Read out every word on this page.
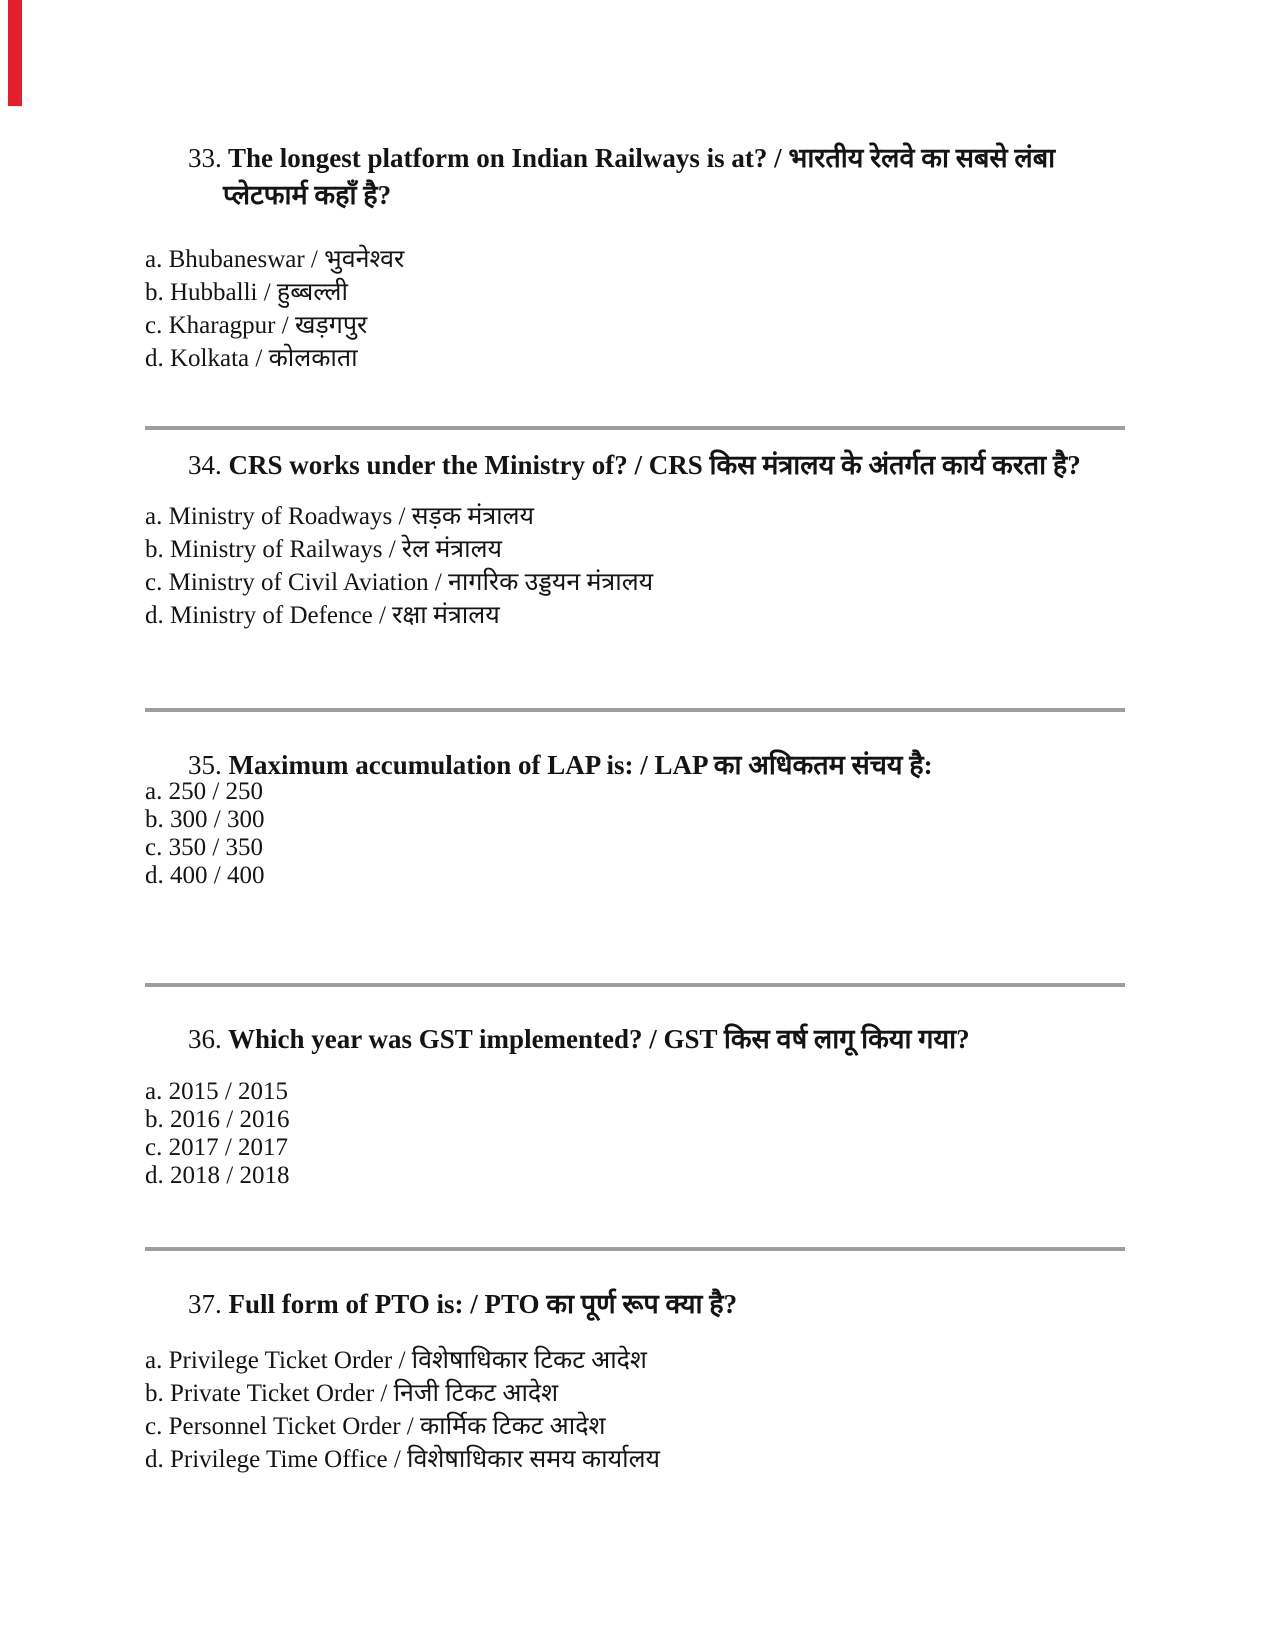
33. The longest platform on Indian Railways is at? / भारतीय रेलवे का सबसे लंबा प्लेटफार्म कहाँ है?
a. Bhubaneswar / भुवनेश्वर
b. Hubballi / हुब्बल्ली
c. Kharagpur / खड़गपुर
d. Kolkata / कोलकाता
34. CRS works under the Ministry of? / CRS किस मंत्रालय के अंतर्गत कार्य करता है?
a. Ministry of Roadways / सड़क मंत्रालय
b. Ministry of Railways / रेल मंत्रालय
c. Ministry of Civil Aviation / नागरिक उड्डयन मंत्रालय
d. Ministry of Defence / रक्षा मंत्रालय
35. Maximum accumulation of LAP is: / LAP का अधिकतम संचय है:
a. 250 / 250
b. 300 / 300
c. 350 / 350
d. 400 / 400
36. Which year was GST implemented? / GST किस वर्ष लागू किया गया?
a. 2015 / 2015
b. 2016 / 2016
c. 2017 / 2017
d. 2018 / 2018
37. Full form of PTO is: / PTO का पूर्ण रूप क्या है?
a. Privilege Ticket Order / विशेषाधिकार टिकट आदेश
b. Private Ticket Order / निजी टिकट आदेश
c. Personnel Ticket Order / कार्मिक टिकट आदेश
d. Privilege Time Office / विशेषाधिकार समय कार्यालय
